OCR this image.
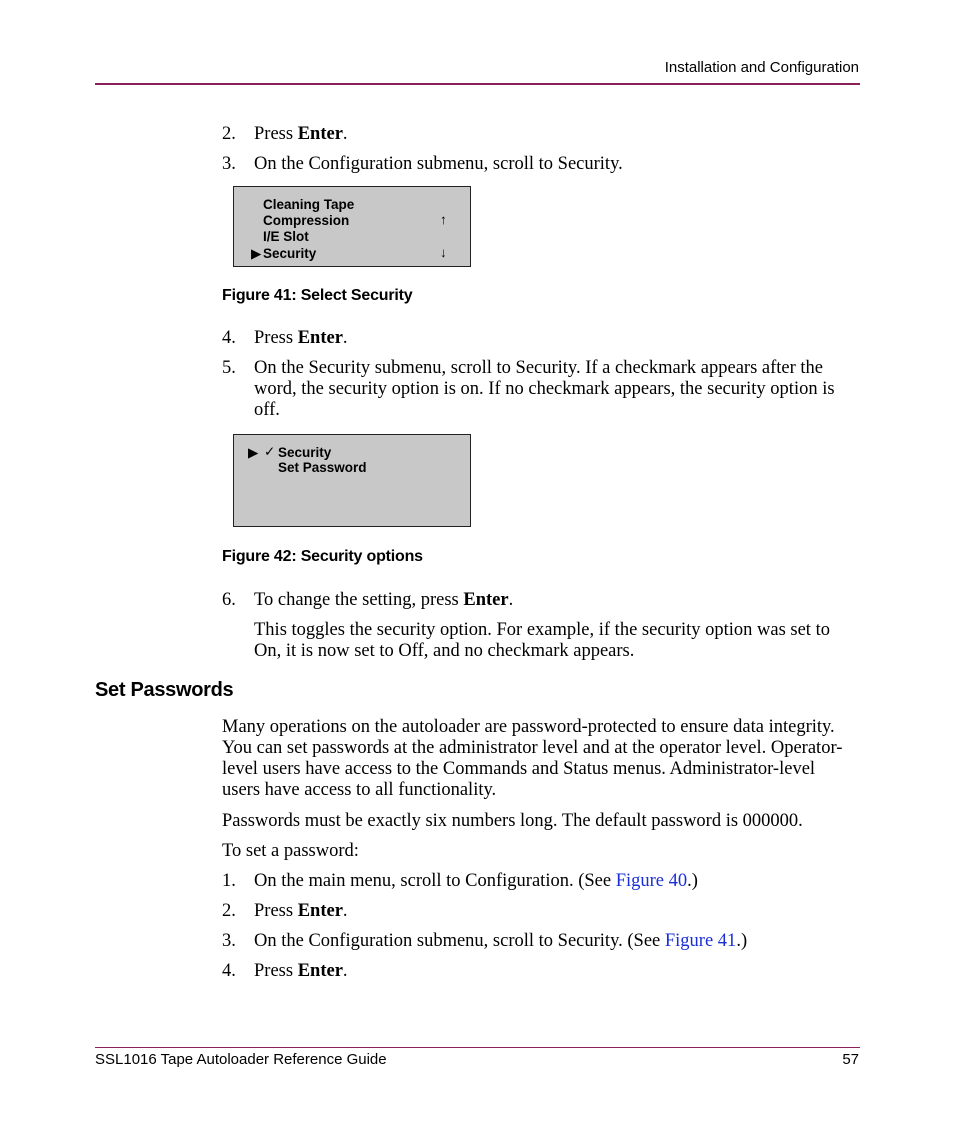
Installation and Configuration
2. Press Enter.
3. On the Configuration submenu, scroll to Security.
Cleaning Tape
Compression
I/E Slot
▶ Security
↑
↓
Figure 41: Select Security
4. Press Enter.
5. On the Security submenu, scroll to Security. If a checkmark appears after the word, the security option is on. If no checkmark appears, the security option is off.
▶ ✓ Security
Set Password
Figure 42: Security options
6. To change the setting, press Enter.
This toggles the security option. For example, if the security option was set to On, it is now set to Off, and no checkmark appears.
Set Passwords
Many operations on the autoloader are password-protected to ensure data integrity. You can set passwords at the administrator level and at the operator level. Operator-level users have access to the Commands and Status menus. Administrator-level users have access to all functionality.
Passwords must be exactly six numbers long. The default password is 000000.
To set a password:
1. On the main menu, scroll to Configuration. (See Figure 40.)
2. Press Enter.
3. On the Configuration submenu, scroll to Security. (See Figure 41.)
4. Press Enter.
SSL1016 Tape Autoloader Reference Guide	57
